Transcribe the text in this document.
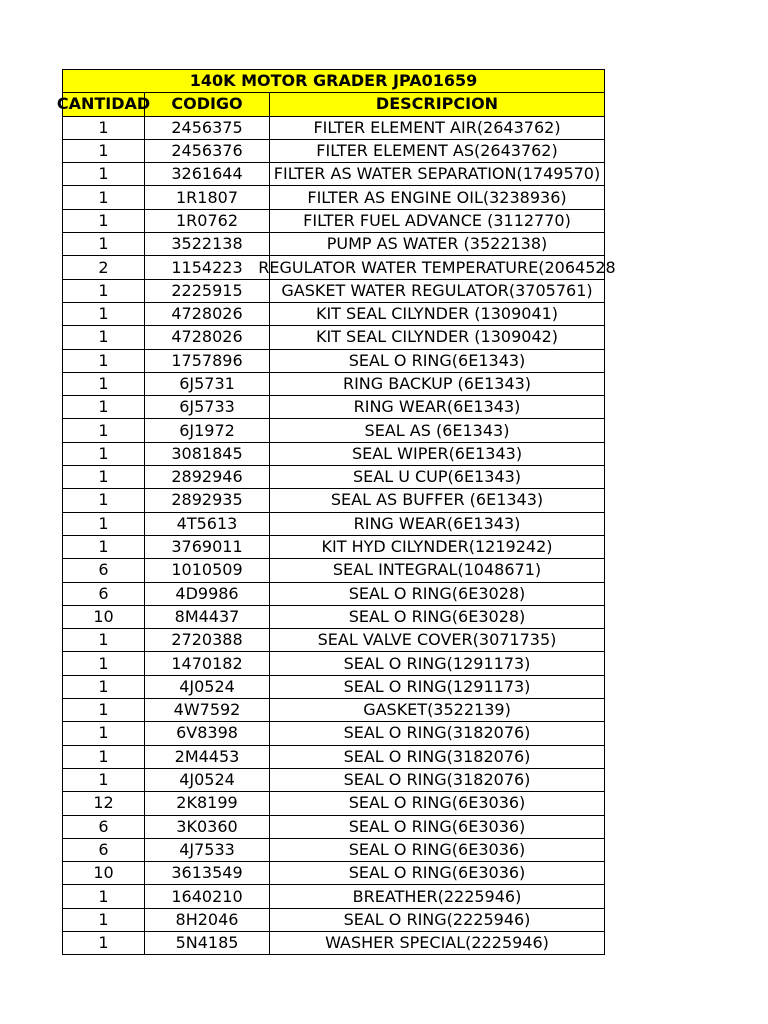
140K MOTOR GRADER JPA01659		

CANTIDAD	CODIGO	DESCRIPCION
1	2456375	FILTER ELEMENT AIR(2643762)

1	2456376	FILTER ELEMENT AS(2643762)

1	3261644	FILTER AS WATER SEPARATION(1749570)

1	1R1807	FILTER AS ENGINE OIL(3238936)

1	1R0762	FILTER FUEL ADVANCE (3112770)

1	3522138	PUMP AS WATER (3522138)

2	1154223	REGULATOR WATER TEMPERATURE(2064528

1	2225915	GASKET WATER REGULATOR(3705761)

1	4728026	KIT SEAL CILYNDER (1309041)

1	4728026	KIT SEAL CILYNDER (1309042)

1	1757896	SEAL O RING(6E1343)

1	6J5731	RING BACKUP (6E1343)

1	6J5733	RING WEAR(6E1343)

1	6J1972	SEAL AS (6E1343)

1	3081845	SEAL WIPER(6E1343)

1	2892946	SEAL U CUP(6E1343)

1	2892935	SEAL AS BUFFER (6E1343)

1	4T5613	RING WEAR(6E1343)

1	3769011	KIT HYD CILYNDER(1219242)

6	1010509	SEAL INTEGRAL(1048671)

6	4D9986	SEAL O RING(6E3028)

10	8M4437	SEAL O RING(6E3028)

1	2720388	SEAL VALVE COVER(3071735)

1	1470182	SEAL O RING(1291173)

1	4J0524	SEAL O RING(1291173)

1	4W7592	GASKET(3522139)

1	6V8398	SEAL O RING(3182076)

1	2M4453	SEAL O RING(3182076)

1	4J0524	SEAL O RING(3182076)

12	2K8199	SEAL O RING(6E3036)

6	3K0360	SEAL O RING(6E3036)

6	4J7533	SEAL O RING(6E3036)

10	3613549	SEAL O RING(6E3036)

1	1640210	BREATHER(2225946)

1	8H2046	SEAL O RING(2225946)

1	5N4185	WASHER SPECIAL(2225946)
